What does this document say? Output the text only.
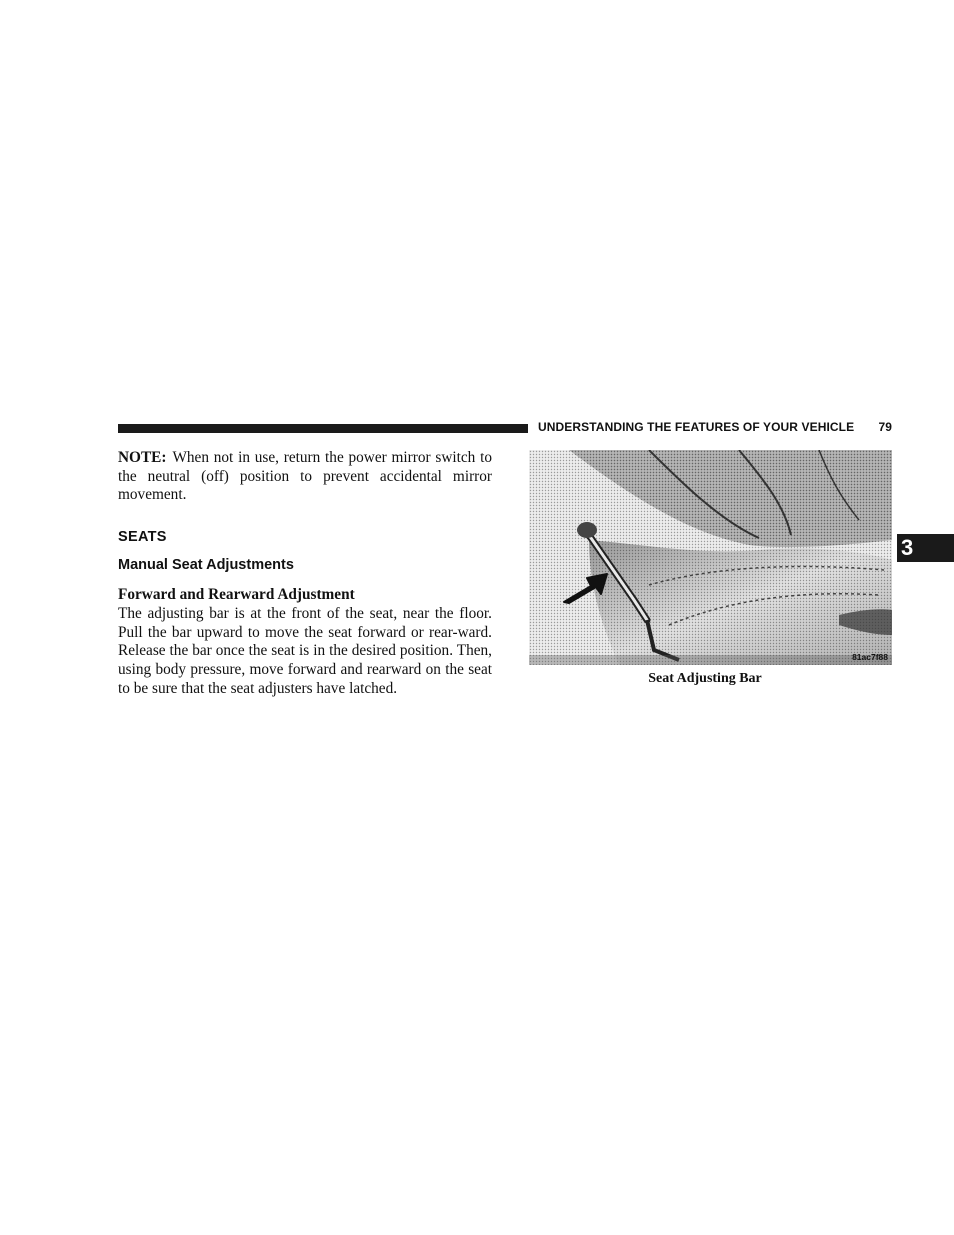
UNDERSTANDING THE FEATURES OF YOUR VEHICLE 79
3

NOTE: When not in use, return the power mirror switch to the neutral (off) position to prevent accidental mirror movement.

SEATS
Manual Seat Adjustments
Forward and Rearward Adjustment

The adjusting bar is at the front of the seat, near the floor. Pull the bar upward to move the seat forward or rear-ward. Release the bar once the seat is in the desired position. Then, using body pressure, move forward and rearward on the seat to be sure that the seat adjusters have latched.

81ac7f88
Seat Adjusting Bar
